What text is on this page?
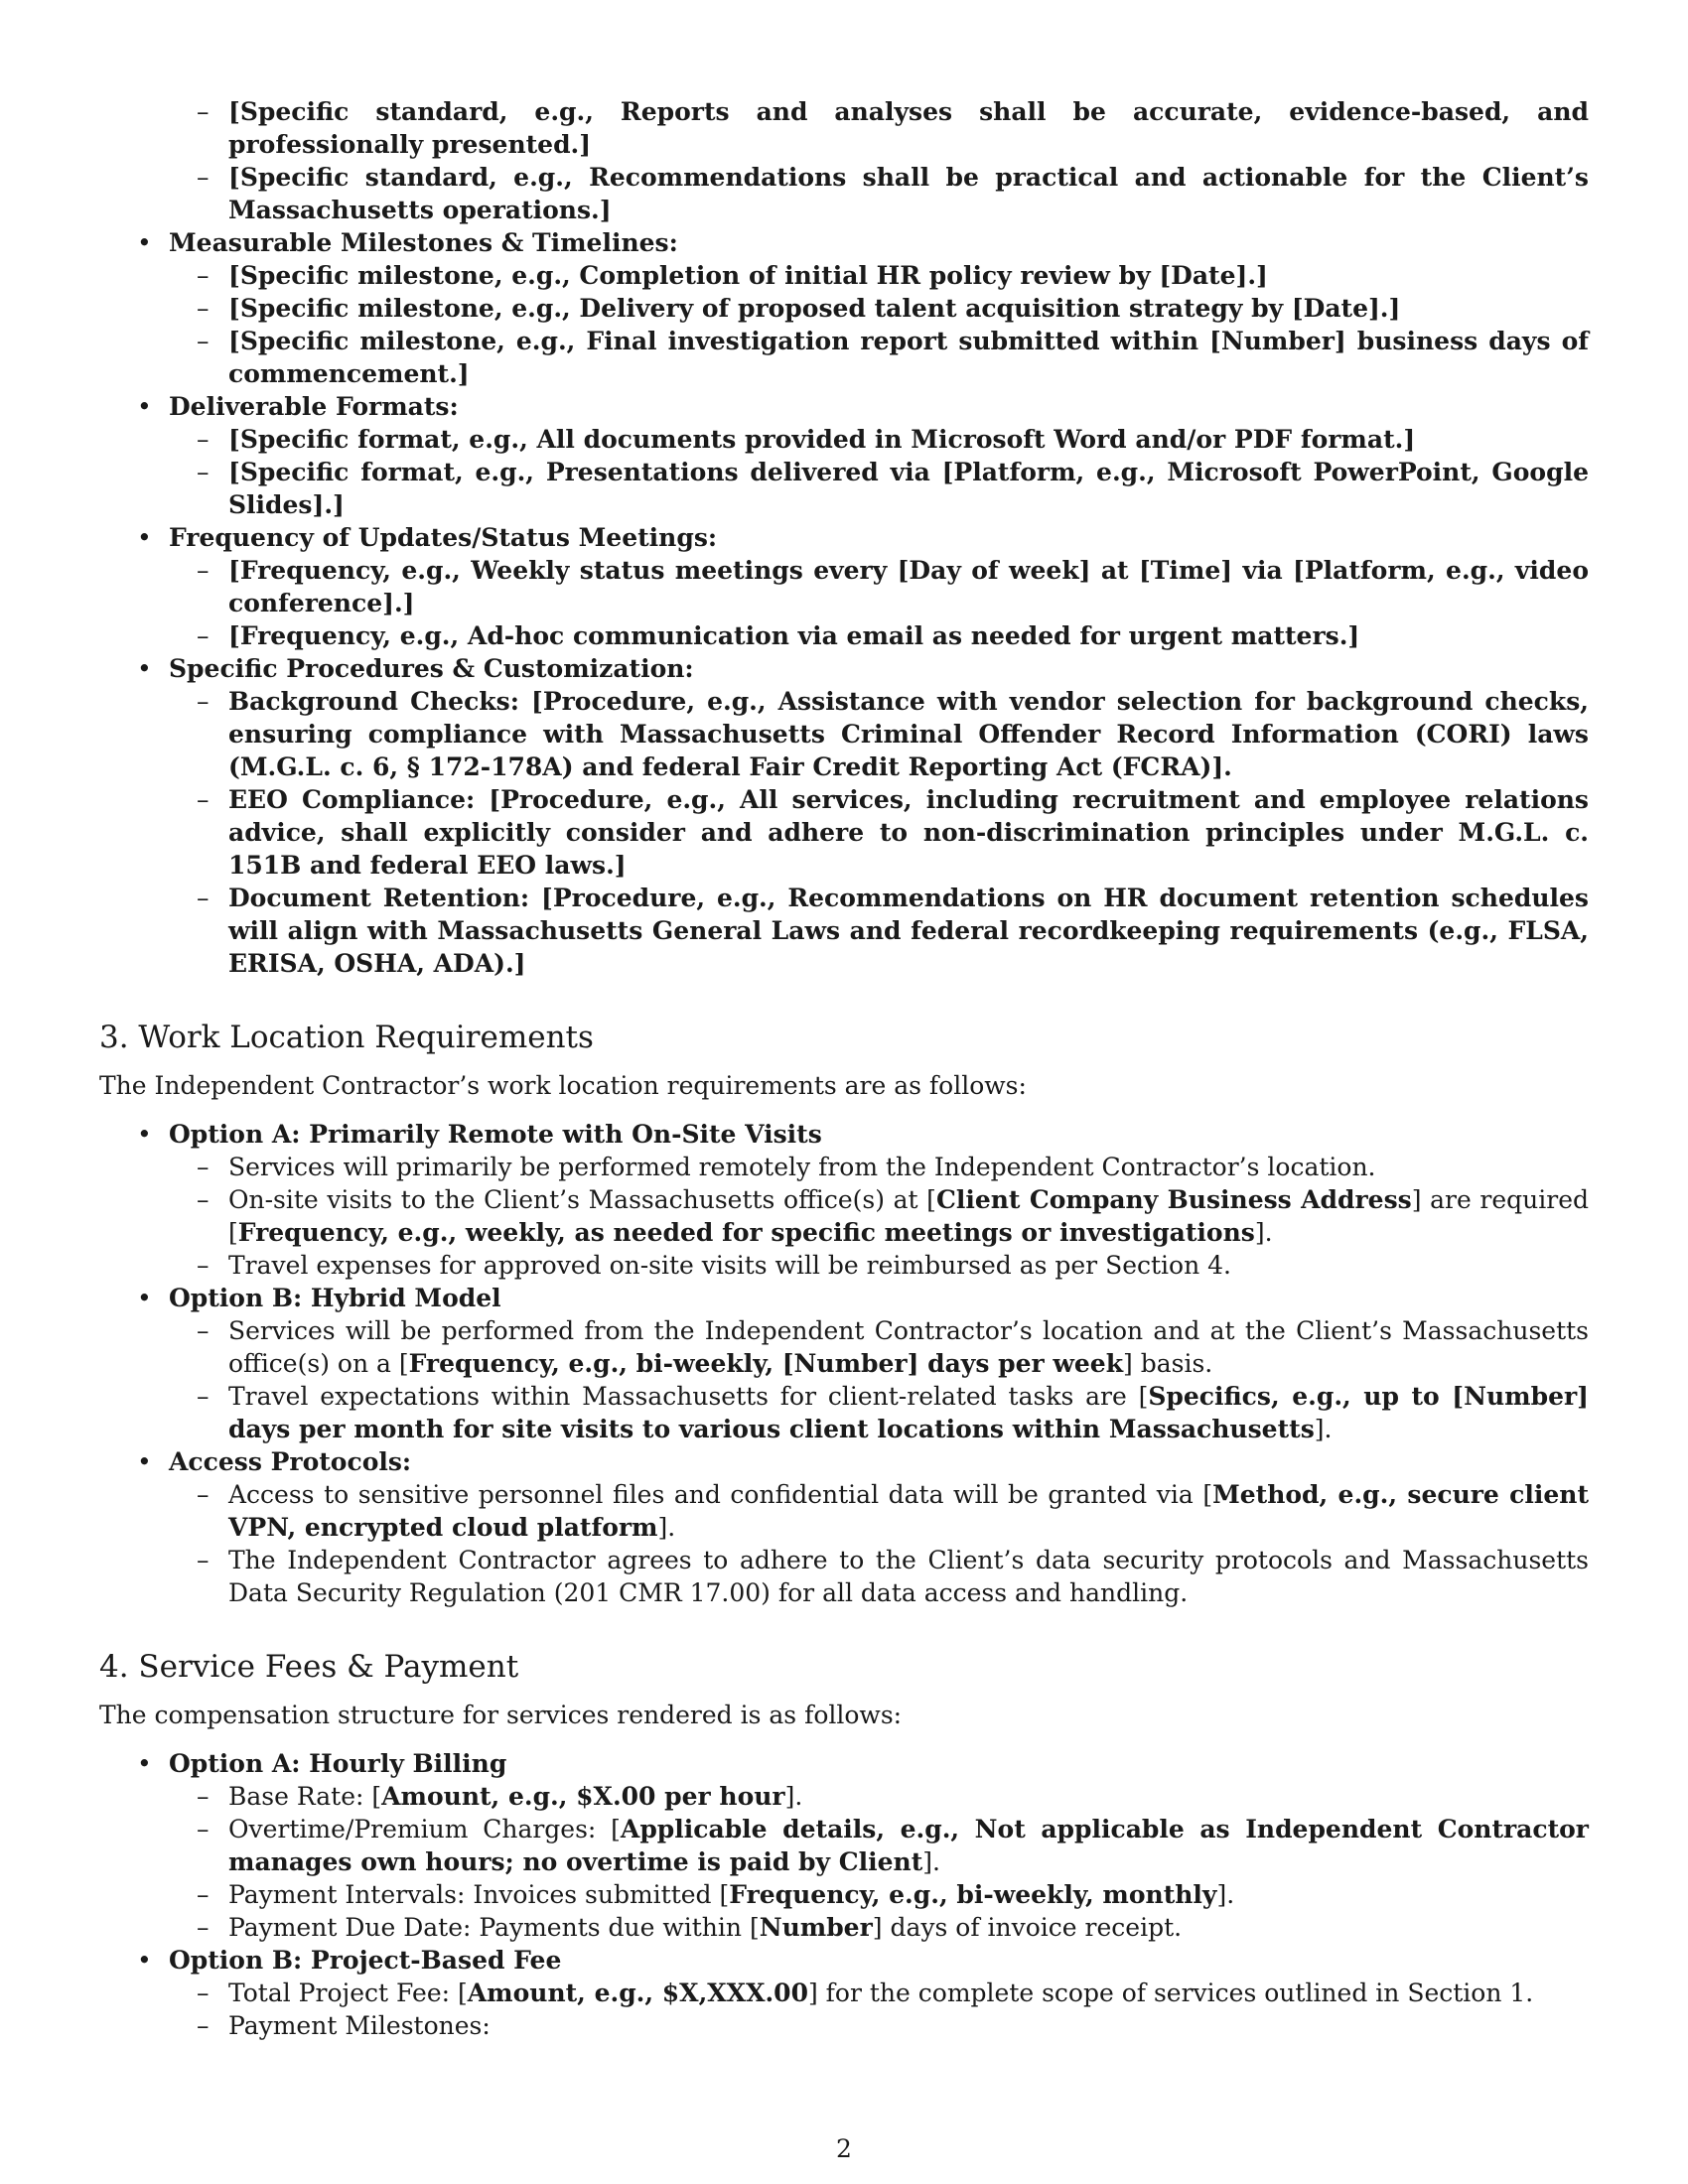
– [Specific standard, e.g., Reports and analyses shall be accurate, evidence-based, and professionally presented.]
– [Specific standard, e.g., Recommendations shall be practical and actionable for the Client’s Massachusetts operations.]
• Measurable Milestones & Timelines:
– [Specific milestone, e.g., Completion of initial HR policy review by [Date].]
– [Specific milestone, e.g., Delivery of proposed talent acquisition strategy by [Date].]
– [Specific milestone, e.g., Final investigation report submitted within [Number] business days of commencement.]
• Deliverable Formats:
– [Specific format, e.g., All documents provided in Microsoft Word and/or PDF format.]
– [Specific format, e.g., Presentations delivered via [Platform, e.g., Microsoft PowerPoint, Google Slides].]
• Frequency of Updates/Status Meetings:
– [Frequency, e.g., Weekly status meetings every [Day of week] at [Time] via [Platform, e.g., video conference].]
– [Frequency, e.g., Ad-hoc communication via email as needed for urgent matters.]
• Specific Procedures & Customization:
– Background Checks: [Procedure, e.g., Assistance with vendor selection for background checks, ensuring compliance with Massachusetts Criminal Offender Record Information (CORI) laws (M.G.L. c. 6, § 172-178A) and federal Fair Credit Reporting Act (FCRA)].
– EEO Compliance: [Procedure, e.g., All services, including recruitment and employee relations advice, shall explicitly consider and adhere to non-discrimination principles under M.G.L. c. 151B and federal EEO laws.]
– Document Retention: [Procedure, e.g., Recommendations on HR document retention schedules will align with Massachusetts General Laws and federal recordkeeping requirements (e.g., FLSA, ERISA, OSHA, ADA).]
3. Work Location Requirements

The Independent Contractor’s work location requirements are as follows:

• Option A: Primarily Remote with On-Site Visits
– Services will primarily be performed remotely from the Independent Contractor’s location.
– On-site visits to the Client’s Massachusetts office(s) at [Client Company Business Address] are required [Frequency, e.g., weekly, as needed for specific meetings or investigations].
– Travel expenses for approved on-site visits will be reimbursed as per Section 4.
• Option B: Hybrid Model
– Services will be performed from the Independent Contractor’s location and at the Client’s Massachusetts office(s) on a [Frequency, e.g., bi-weekly, [Number] days per week] basis.
– Travel expectations within Massachusetts for client-related tasks are [Specifics, e.g., up to [Number] days per month for site visits to various client locations within Massachusetts].
• Access Protocols:
– Access to sensitive personnel files and confidential data will be granted via [Method, e.g., secure client VPN, encrypted cloud platform].
– The Independent Contractor agrees to adhere to the Client’s data security protocols and Massachusetts Data Security Regulation (201 CMR 17.00) for all data access and handling.
4. Service Fees & Payment

The compensation structure for services rendered is as follows:

• Option A: Hourly Billing
– Base Rate: [Amount, e.g., $X.00 per hour].
– Overtime/Premium Charges: [Applicable details, e.g., Not applicable as Independent Contractor manages own hours; no overtime is paid by Client].
– Payment Intervals: Invoices submitted [Frequency, e.g., bi-weekly, monthly].
– Payment Due Date: Payments due within [Number] days of invoice receipt.
• Option B: Project-Based Fee
– Total Project Fee: [Amount, e.g., $X,XXX.00] for the complete scope of services outlined in Section 1.
– Payment Milestones:
2
